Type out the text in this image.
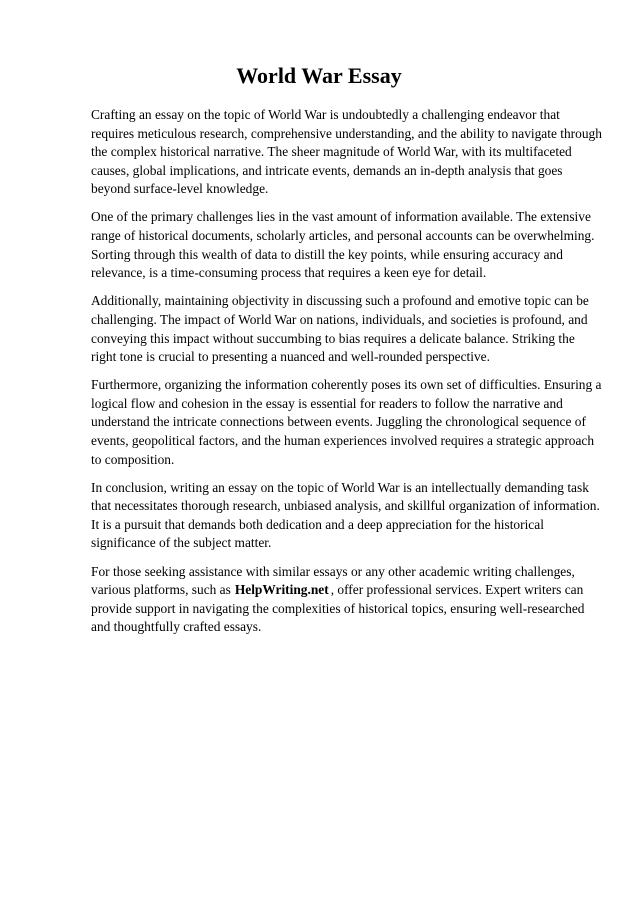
World War Essay

Crafting an essay on the topic of World War is undoubtedly a challenging endeavor that requires meticulous research, comprehensive understanding, and the ability to navigate through the complex historical narrative. The sheer magnitude of World War, with its multifaceted causes, global implications, and intricate events, demands an in-depth analysis that goes beyond surface-level knowledge.

One of the primary challenges lies in the vast amount of information available. The extensive range of historical documents, scholarly articles, and personal accounts can be overwhelming. Sorting through this wealth of data to distill the key points, while ensuring accuracy and relevance, is a time-consuming process that requires a keen eye for detail.

Additionally, maintaining objectivity in discussing such a profound and emotive topic can be challenging. The impact of World War on nations, individuals, and societies is profound, and conveying this impact without succumbing to bias requires a delicate balance. Striking the right tone is crucial to presenting a nuanced and well-rounded perspective.

Furthermore, organizing the information coherently poses its own set of difficulties. Ensuring a logical flow and cohesion in the essay is essential for readers to follow the narrative and understand the intricate connections between events. Juggling the chronological sequence of events, geopolitical factors, and the human experiences involved requires a strategic approach to composition.

In conclusion, writing an essay on the topic of World War is an intellectually demanding task that necessitates thorough research, unbiased analysis, and skillful organization of information. It is a pursuit that demands both dedication and a deep appreciation for the historical significance of the subject matter.

For those seeking assistance with similar essays or any other academic writing challenges, various platforms, such as HelpWriting.net , offer professional services. Expert writers can provide support in navigating the complexities of historical topics, ensuring well-researched and thoughtfully crafted essays.
